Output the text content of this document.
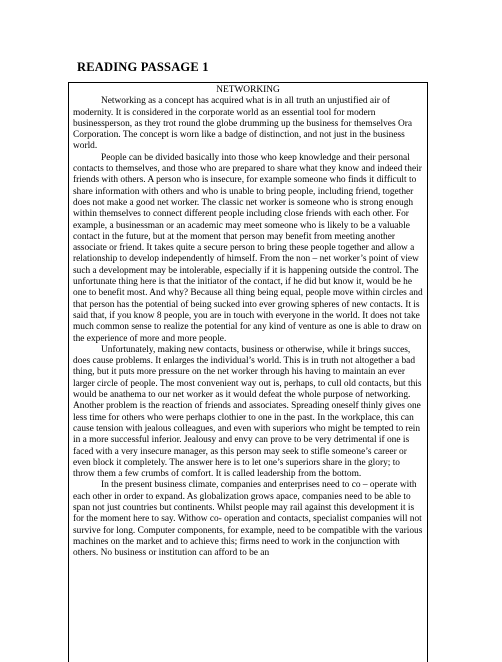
READING PASSAGE 1

NETWORKING

Networking as a concept has acquired what is in all truth an unjustified air of modernity. It is considered in the corporate world as an essential tool for modern businessperson, as they trot round the globe drumming up the business for themselves Ora Corporation. The concept is worn like a badge of distinction, and not just in the business world.

People can be divided basically into those who keep knowledge and their personal contacts to themselves, and those who are prepared to share what they know and indeed their friends with others. A person who is insecure, for example someone who finds it difficult to share information with others and who is unable to bring people, including friend, together does not make a good net worker. The classic net worker is someone who is strong enough within themselves to connect different people including close friends with each other. For example, a businessman or an academic may meet someone who is likely to be a valuable contact in the future, but at the moment that person may benefit from meeting another associate or friend. It takes quite a secure person to bring these people together and allow a relationship to develop independently of himself. From the non – net worker’s point of view such a development may be intolerable, especially if it is happening outside the control. The unfortunate thing here is that the initiator of the contact, if he did but know it, would be he one to benefit most. And why? Because all thing being equal, people move within circles and that person has the potential of being sucked into ever growing spheres of new contacts. It is said that, if you know 8 people, you are in touch with everyone in the world. It does not take much common sense to realize the potential for any kind of venture as one is able to draw on the experience of more and more people.

Unfortunately, making new contacts, business or otherwise, while it brings succes, does cause problems. It enlarges the individual’s world. This is in truth not altogether a bad thing, but it puts more pressure on the net worker through his having to maintain an ever larger circle of people. The most convenient way out is, perhaps, to cull old contacts, but this would be anathema to our net worker as it would defeat the whole purpose of networking. Another problem is the reaction of friends and associates. Spreading oneself thinly gives one less time for others who were perhaps clothier to one in the past. In the workplace, this can cause tension with jealous colleagues, and even with superiors who might be tempted to rein in a more successful inferior. Jealousy and envy can prove to be very detrimental if one is faced with a very insecure manager, as this person may seek to stifle someone’s career or even block it completely. The answer here is to let one’s superiors share in the glory; to throw them a few crumbs of comfort. It is called leadership from the bottom.

In the present business climate, companies and enterprises need to co – operate with each other in order to expand. As globalization grows apace, companies need to be able to span not just countries but continents. Whilst people may rail against this development it is for the moment here to say. Withow co- operation and contacts, specialist companies will not survive for long. Computer components, for example, need to be compatible with the various machines on the market and to achieve this; firms need to work in the conjunction with others. No business or institution can afford to be an
